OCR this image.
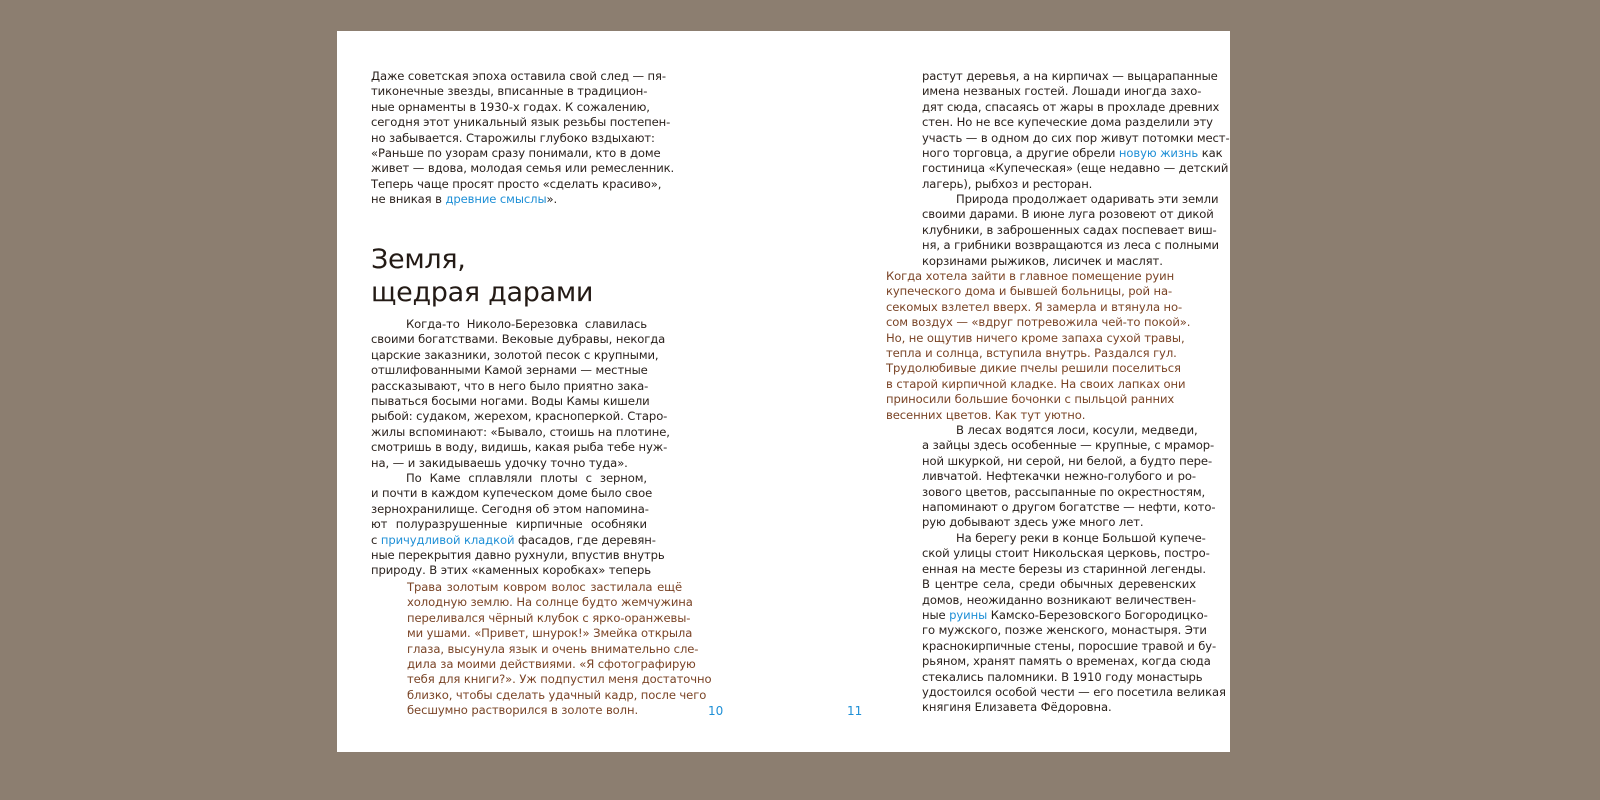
Даже советская эпоха оставила свой след — пя-
тиконечные звезды, вписанные в традицион-
ные орнаменты в 1930-х годах. К сожалению,
сегодня этот уникальный язык резьбы постепен-
но забывается. Старожилы глубоко вздыхают:
«Раньше по узорам сразу понимали, кто в доме
живет — вдова, молодая семья или ремесленник.
Теперь чаще просят просто «сделать красиво»,
не вникая в древние смыслы».
Земля,
щедрая дарами
Когда-то Николо-Березовка славилась
своими богатствами. Вековые дубравы, некогда
царские заказники, золотой песок с крупными,
отшлифованными Камой зернами — местные
рассказывают, что в него было приятно зака-
пываться босыми ногами. Воды Камы кишели
рыбой: судаком, жерехом, красноперкой. Старо-
жилы вспоминают: «Бывало, стоишь на плотине,
смотришь в воду, видишь, какая рыба тебе нуж-
на, — и закидываешь удочку точно туда».
По Каме сплавляли плоты с зерном,
и почти в каждом купеческом доме было свое
зернохранилище. Сегодня об этом напомина-
ют полуразрушенные кирпичные особняки
с причудливой кладкой фасадов, где деревян-
ные перекрытия давно рухнули, впустив внутрь
природу. В этих «каменных коробках» теперь
Трава золотым ковром волос застилала ещё
холодную землю. На солнце будто жемчужина
переливался чёрный клубок с ярко-оранжевы-
ми ушами. «Привет, шнурок!» Змейка открыла
глаза, высунула язык и очень внимательно сле-
дила за моими действиями. «Я сфотографирую
тебя для книги?». Уж подпустил меня достаточно
близко, чтобы сделать удачный кадр, после чего
бесшумно растворился в золоте волн.	10	11
растут деревья, а на кирпичах — выцарапанные
имена незваных гостей. Лошади иногда захо-
дят сюда, спасаясь от жары в прохладе древних
стен. Но не все купеческие дома разделили эту
участь — в одном до сих пор живут потомки мест-
ного торговца, а другие обрели новую жизнь как
гостиница «Купеческая» (еще недавно — детский
лагерь), рыбхоз и ресторан.
Природа продолжает одаривать эти земли
своими дарами. В июне луга розовеют от дикой
клубники, в заброшенных садах поспевает виш-
ня, а грибники возвращаются из леса с полными
корзинами рыжиков, лисичек и маслят.
Когда хотела зайти в главное помещение руин
купеческого дома и бывшей больницы, рой на-
секомых взлетел вверх. Я замерла и втянула но-
сом воздух — «вдруг потревожила чей-то покой».
Но, не ощутив ничего кроме запаха сухой травы,
тепла и солнца, вступила внутрь. Раздался гул.
Трудолюбивые дикие пчелы решили поселиться
в старой кирпичной кладке. На своих лапках они
приносили большие бочонки с пыльцой ранних
весенних цветов. Как тут уютно.
В лесах водятся лоси, косули, медведи,
а зайцы здесь особенные — крупные, с мрамор-
ной шкуркой, ни серой, ни белой, а будто пере-
ливчатой. Нефтекачки нежно-голубого и ро-
зового цветов, рассыпанные по окрестностям,
напоминают о другом богатстве — нефти, кото-
рую добывают здесь уже много лет.
На берегу реки в конце Большой купече-
ской улицы стоит Никольская церковь, постро-
енная на месте березы из старинной легенды.
В центре села, среди обычных деревенских
домов, неожиданно возникают величествен-
ные руины Камско-Березовского Богородицко-
го мужского, позже женского, монастыря. Эти
краснокирпичные стены, поросшие травой и бу-
рьяном, хранят память о временах, когда сюда
стекались паломники. В 1910 году монастырь
удостоился особой чести — его посетила великая
княгиня Елизавета Фёдоровна.
